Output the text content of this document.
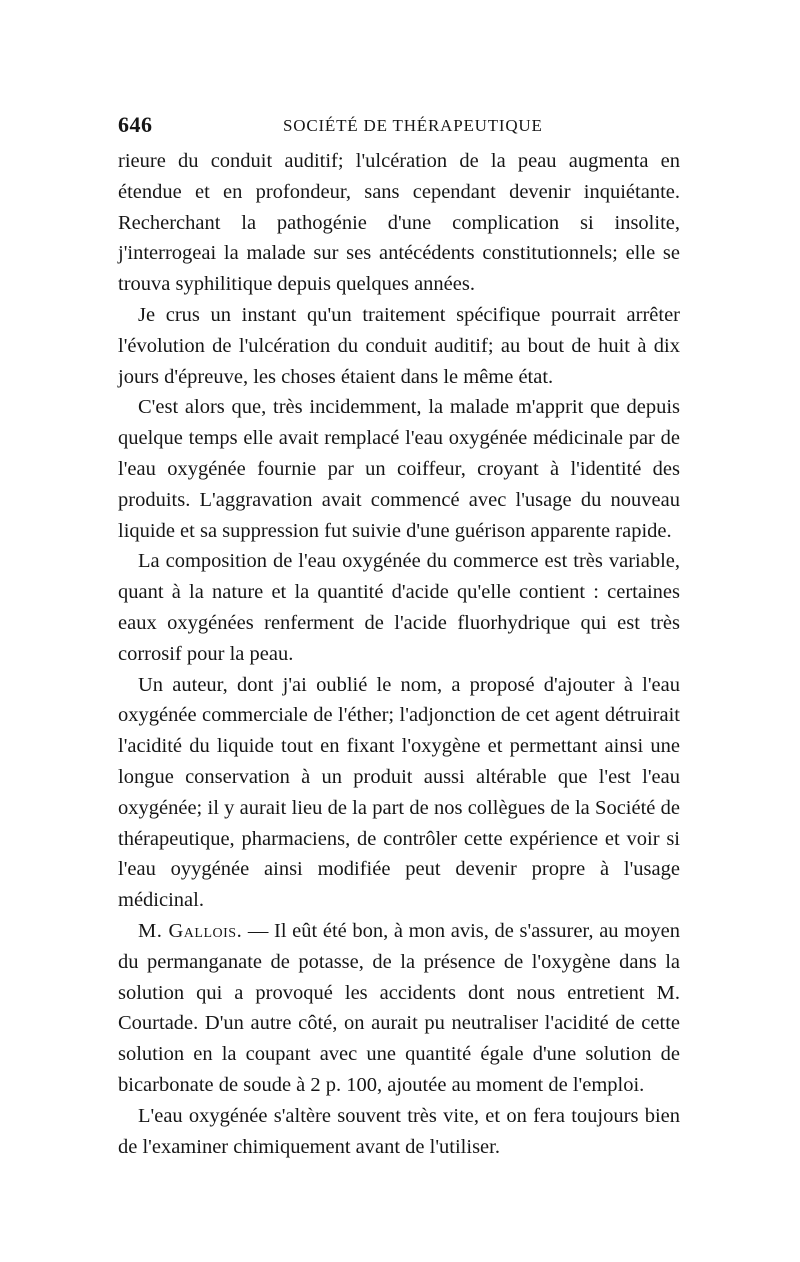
646	SOCIÉTÉ DE THÉRAPEUTIQUE

rieure du conduit auditif; l'ulcération de la peau augmenta en étendue et en profondeur, sans cependant devenir inquiétante. Recherchant la pathogénie d'une complication si insolite, j'interrogeai la malade sur ses antécédents constitutionnels; elle se trouva syphilitique depuis quelques années.

Je crus un instant qu'un traitement spécifique pourrait arrêter l'évolution de l'ulcération du conduit auditif; au bout de huit à dix jours d'épreuve, les choses étaient dans le même état.

C'est alors que, très incidemment, la malade m'apprit que depuis quelque temps elle avait remplacé l'eau oxygénée médicinale par de l'eau oxygénée fournie par un coiffeur, croyant à l'identité des produits. L'aggravation avait commencé avec l'usage du nouveau liquide et sa suppression fut suivie d'une guérison apparente rapide.

La composition de l'eau oxygénée du commerce est très variable, quant à la nature et la quantité d'acide qu'elle contient : certaines eaux oxygénées renferment de l'acide fluorhydrique qui est très corrosif pour la peau.

Un auteur, dont j'ai oublié le nom, a proposé d'ajouter à l'eau oxygénée commerciale de l'éther; l'adjonction de cet agent détruirait l'acidité du liquide tout en fixant l'oxygène et permettant ainsi une longue conservation à un produit aussi altérable que l'est l'eau oxygénée; il y aurait lieu de la part de nos collègues de la Société de thérapeutique, pharmaciens, de contrôler cette expérience et voir si l'eau oyygénée ainsi modifiée peut devenir propre à l'usage médicinal.

M. Gallois. — Il eût été bon, à mon avis, de s'assurer, au moyen du permanganate de potasse, de la présence de l'oxygène dans la solution qui a provoqué les accidents dont nous entretient M. Courtade. D'un autre côté, on aurait pu neutraliser l'acidité de cette solution en la coupant avec une quantité égale d'une solution de bicarbonate de soude à 2 p. 100, ajoutée au moment de l'emploi.

L'eau oxygénée s'altère souvent très vite, et on fera toujours bien de l'examiner chimiquement avant de l'utiliser.
